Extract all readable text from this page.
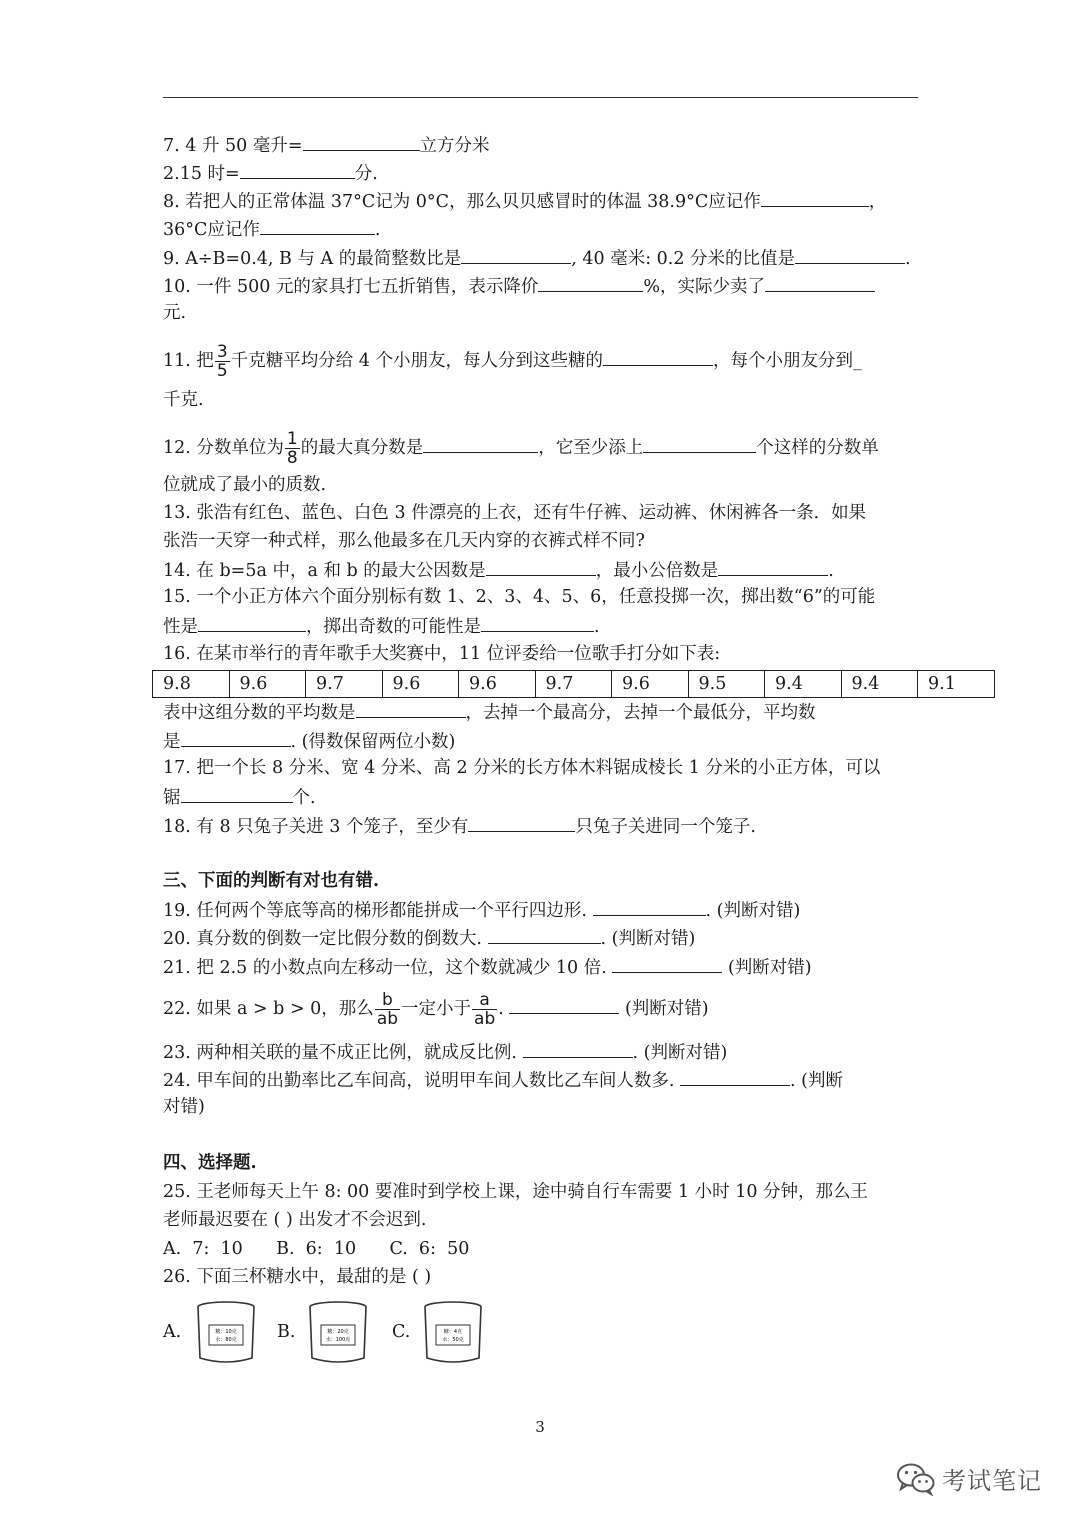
7. 4 升 50 毫升=	立方分米
2.15 时=	分.
8. 若把人的正常体温 37°C记为 0°C，那么贝贝感冒时的体温 38.9°C应记作	，
36°C应记作	.
9. A÷B=0.4, B 与 A 的最简整数比是	, 40 毫米: 0.2 分米的比值是	.
10. 一件 500 元的家具打七五折销售，表示降价	%，实际少卖了
元.
11. 把 $\frac{3}{5}$ 千克糖平均分给 4 个小朋友，每人分到这些糖的	，每个小朋友分到_
千克.
12. 分数单位为 $\frac{1}{8}$ 的最大真分数是	，它至少添上	个这样的分数单
位就成了最小的质数.
13. 张浩有红色、蓝色、白色 3 件漂亮的上衣，还有牛仔裤、运动裤、休闲裤各一条．如果
张浩一天穿一种式样，那么他最多在几天内穿的衣裤式样不同?
14. 在 b=5a 中，a 和 b 的最大公因数是	，最小公倍数是	.
15. 一个小正方体六个面分别标有数 1、2、3、4、5、6，任意投掷一次，掷出数“6”的可能
性是	，掷出奇数的可能性是	.
16. 在某市举行的青年歌手大奖赛中，11 位评委给一位歌手打分如下表:
9.8	9.6	9.7	9.6	9.6	9.7	9.6	9.5	9.4	9.4	9.1
表中这组分数的平均数是	，去掉一个最高分，去掉一个最低分，平均数
是	. (得数保留两位小数)
17. 把一个长 8 分米、宽 4 分米、高 2 分米的长方体木料锯成棱长 1 分米的小正方体，可以
锯	个.
18. 有 8 只兔子关进 3 个笼子，至少有	只兔子关进同一个笼子.
三、下面的判断有对也有错.
19. 任何两个等底等高的梯形都能拼成一个平行四边形.	. (判断对错)
20. 真分数的倒数一定比假分数的倒数大.	. (判断对错)
21. 把 2.5 的小数点向左移动一位，这个数就减少 10 倍.	(判断对错)
22. 如果 a > b > 0，那么 $\frac{b}{ab}$ 一定小于 $\frac{a}{ab}$ .	(判断对错)
23. 两种相关联的量不成正比例，就成反比例.	. (判断对错)
24. 甲车间的出勤率比乙车间高，说明甲车间人数比乙车间人数多.	. (判断
对错)
四、选择题.
25. 王老师每天上午 8: 00 要准时到学校上课，途中骑自行车需要 1 小时 10 分钟，那么王
老师最迟要在 ( ) 出发才不会迟到.
A.  7:  10      B.  6:  10      C.  6:  50
26. 下面三杯糖水中，最甜的是 ( )
A.	糖：10克
水：80克 B.	糖：20克
水：100克 C.	糖：4克
水：50克
3
考试笔记
